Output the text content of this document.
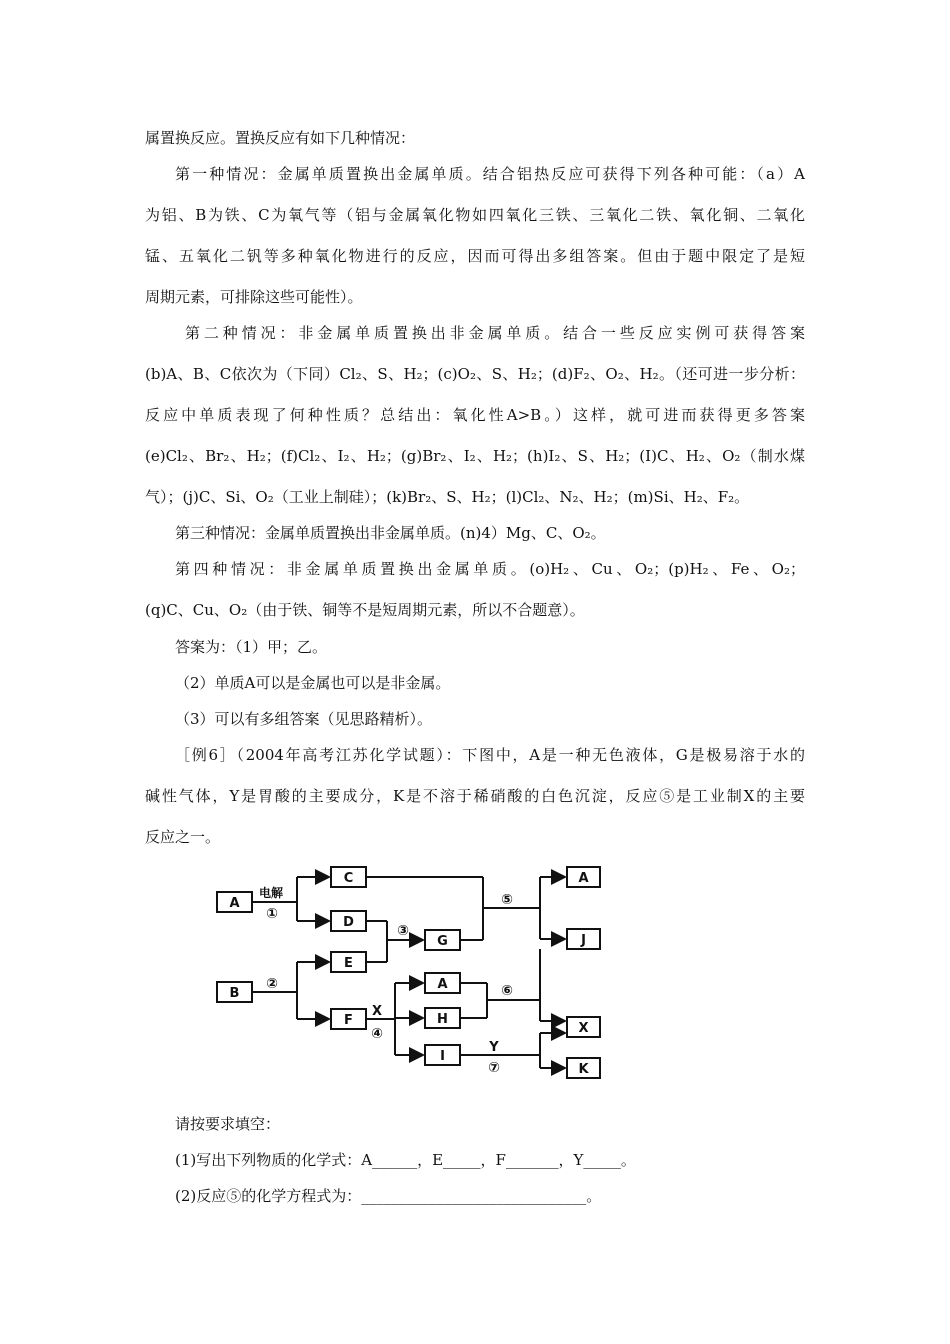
属置换反应。置换反应有如下几种情况：
第一种情况：金属单质置换出金属单质。结合铝热反应可获得下列各种可能：（a）A
为铝、B为铁、C为氧气等（铝与金属氧化物如四氧化三铁、三氧化二铁、氧化铜、二氧化
锰、五氧化二钒等多种氧化物进行的反应，因而可得出多组答案。但由于题中限定了是短
周期元素，可排除这些可能性）。
第二种情况：非金属单质置换出非金属单质。结合一些反应实例可获得答案
(b)A、B、C依次为（下同）Cl₂、S、H₂；(c)O₂、S、H₂；(d)F₂、O₂、H₂。（还可进一步分析：
反应中单质表现了何种性质？总结出：氧化性A>B。）这样，就可进而获得更多答案
(e)Cl₂、Br₂、H₂；(f)Cl₂、I₂、H₂；(g)Br₂、I₂、H₂；(h)I₂、S、H₂；(I)C、H₂、O₂（制水煤
气）；(j)C、Si、O₂（工业上制硅）；(k)Br₂、S、H₂；(l)Cl₂、N₂、H₂；(m)Si、H₂、F₂。
第三种情况：金属单质置换出非金属单质。(n)4）Mg、C、O₂。
第四种情况：非金属单质置换出金属单质。(o)H₂、Cu、O₂；(p)H₂、Fe、O₂；
(q)C、Cu、O₂（由于铁、铜等不是短周期元素，所以不合题意）。
答案为：（1）甲；乙。
（2）单质A可以是金属也可以是非金属。
（3）可以有多组答案（见思路精析）。
［例6］（2004年高考江苏化学试题）：下图中，A是一种无色液体，G是极易溶于水的
碱性气体，Y是胃酸的主要成分，K是不溶于稀硝酸的白色沉淀，反应⑤是工业制X的主要
反应之一。
A
C
D
G
B
E
F
A
H
I
A
J
X
K
电解
①
②
③
④
⑤
⑥
⑦
X
Y
请按要求填空：
(1)写出下列物质的化学式：A______，E_____，F_______，Y_____。
(2)反应⑤的化学方程式为：______________________________。
